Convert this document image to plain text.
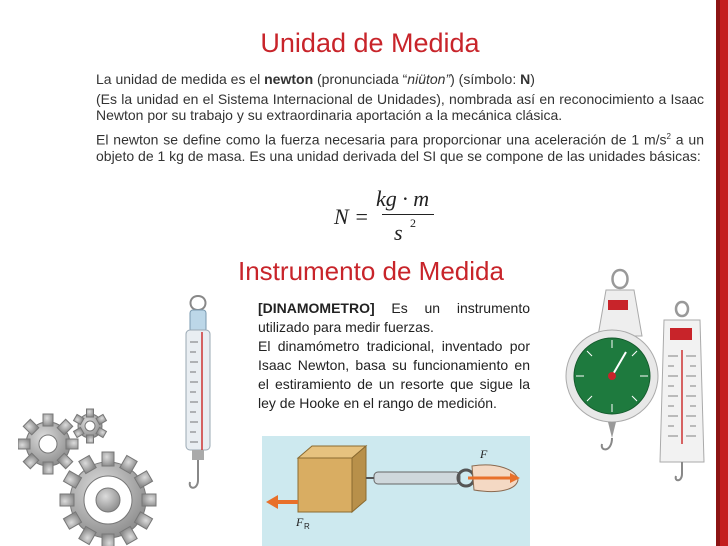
Unidad de Medida
La unidad de medida es el newton (pronunciada “niüton”) (símbolo: N)
(Es la unidad en el Sistema Internacional de Unidades), nombrada así en reconocimiento a Isaac Newton por su trabajo y su extraordinaria aportación a la mecánica clásica.
El newton se define como la fuerza necesaria para proporcionar una aceleración de 1 $m/s^2$ a un objeto de 1 kg de masa. Es una unidad derivada del SI que se compone de las unidades básicas:
N =
kg · m
s 2
Instrumento de Medida

[DINAMOMETRO] Es un instrumento utilizado para medir fuerzas.

El dinamómetro tradicional, inventado por Isaac Newton, basa su funcionamiento en el estiramiento de un resorte que sigue la ley de Hooke en el rango de medición.

F
F R
